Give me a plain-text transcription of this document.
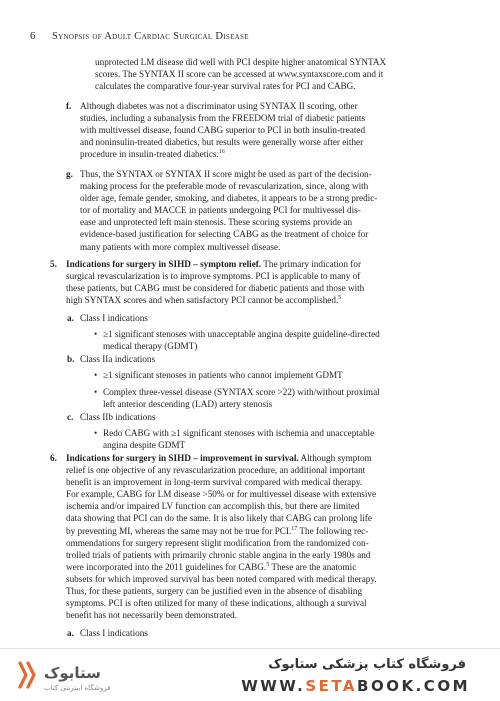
6 Synopsis of Adult Cardiac Surgical Disease
unprotected LM disease did well with PCI despite higher anatomical SYNTAX
scores. The SYNTAX II score can be accessed at www.syntaxscore.com and it
calculates the comparative four-year survival rates for PCI and CABG.
f. Although diabetes was not a discriminator using SYNTAX II scoring, other
studies, including a subanalysis from the FREEDOM trial of diabetic patients
with multivessel disease, found CABG superior to PCI in both insulin-treated
and noninsulin-treated diabetics, but results were generally worse after either
procedure in insulin-treated diabetics.$^{16}$
g. Thus, the SYNTAX or SYNTAX II score might be used as part of the decision-
making process for the preferable mode of revascularization, since, along with
older age, female gender, smoking, and diabetes, it appears to be a strong predic-
tor of mortality and MACCE in patients undergoing PCI for multivessel dis-
ease and unprotected left main stenosis. These scoring systems provide an
evidence-based justification for selecting CABG as the treatment of choice for
many patients with more complex multivessel disease.
5. Indications for surgery in SIHD – symptom relief. The primary indication for
surgical revascularization is to improve symptoms. PCI is applicable to many of
these patients, but CABG must be considered for diabetic patients and those with
high SYNTAX scores and when satisfactory PCI cannot be accomplished.$^5$
a. Class I indications
• ≥1 significant stenoses with unacceptable angina despite guideline-directed
medical therapy (GDMT)
b. Class IIa indications
• ≥1 significant stenoses in patients who cannot implement GDMT
• Complex three-vessel disease (SYNTAX score >22) with/without proximal
left anterior descending (LAD) artery stenosis
c. Class IIb indications
• Redo CABG with ≥1 significant stenoses with ischemia and unacceptable
angina despite GDMT
6. Indications for surgery in SIHD – improvement in survival. Although symptom
relief is one objective of any revascularization procedure, an additional important
benefit is an improvement in long-term survival compared with medical therapy.
For example, CABG for LM disease >50% or for multivessel disease with extensive
ischemia and/or impaired LV function can accomplish this, but there are limited
data showing that PCI can do the same. It is also likely that CABG can prolong life
by preventing MI, whereas the same may not be true for PCI.$^{17}$ The following rec-
ommendations for surgery represent slight modification from the randomized con-
trolled trials of patients with primarily chronic stable angina in the early 1980s and
were incorporated into the 2011 guidelines for CABG.$^5$ These are the anatomic
subsets for which improved survival has been noted compared with medical therapy.
Thus, for these patients, surgery can be justified even in the absence of disabling
symptoms. PCI is often utilized for many of these indications, although a survival
benefit has not necessarily been demonstrated.
a. Class I indications
ستابوک
فروشگاه اینترنتی کتاب
فروشگاه کتاب پزشکی ستابوک
WWW.SETABOOK.COM
